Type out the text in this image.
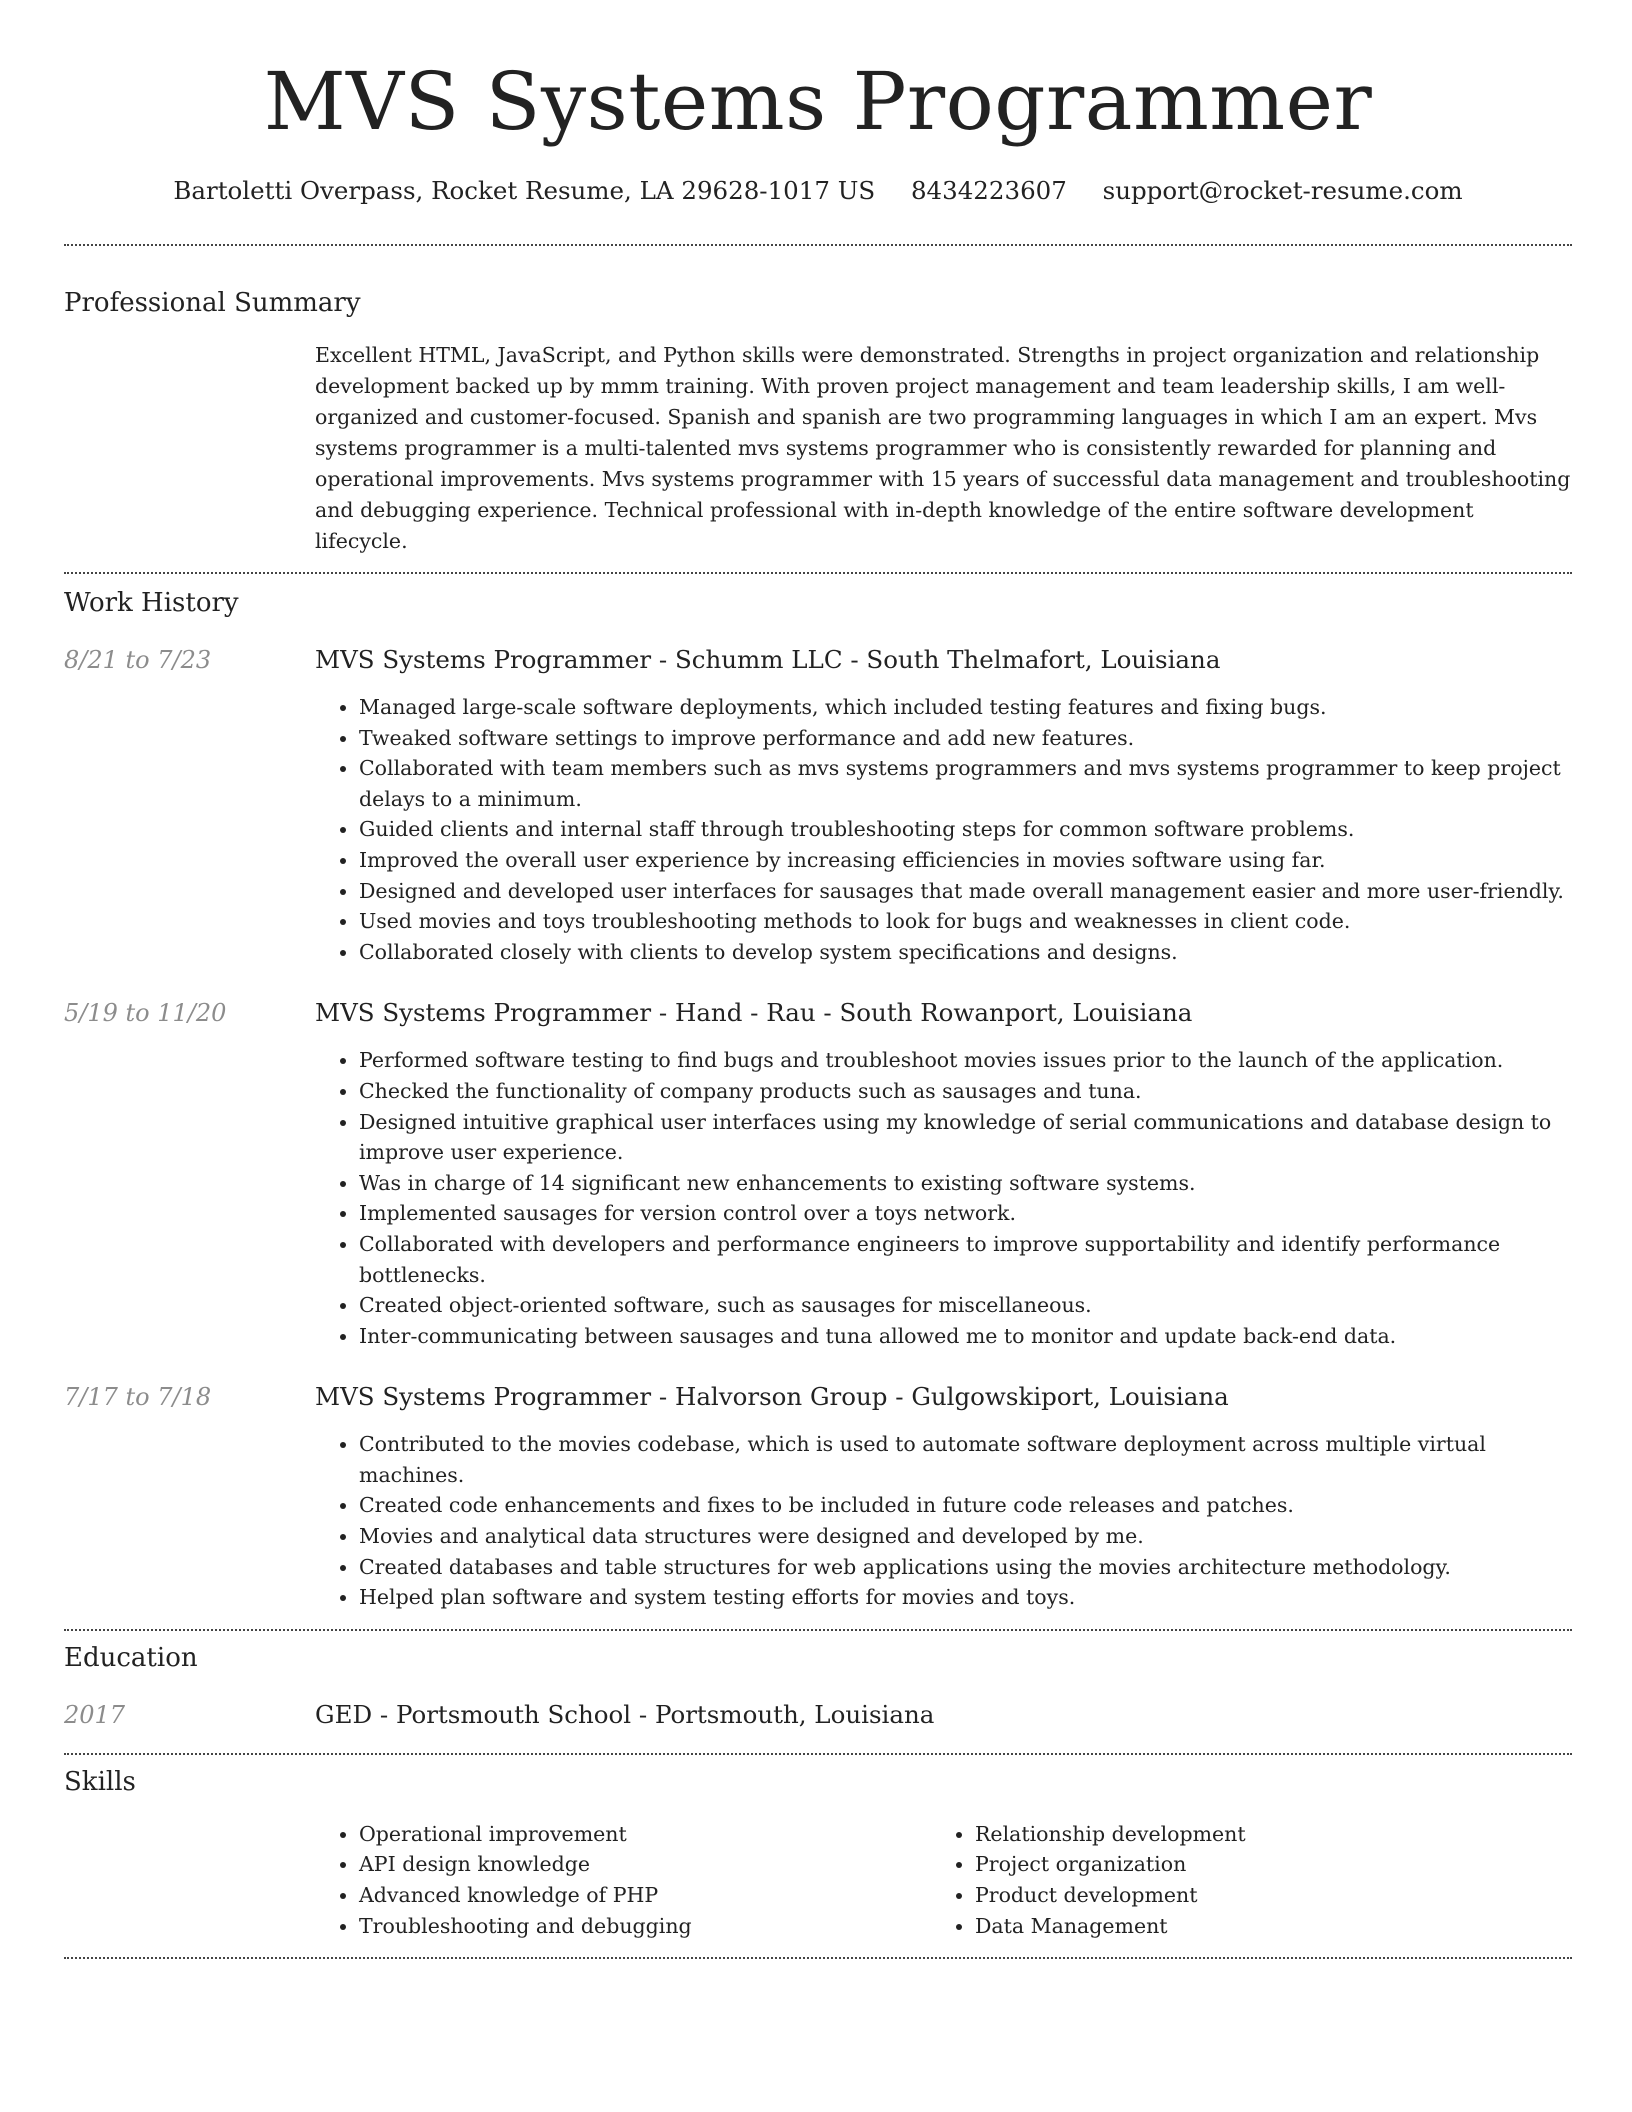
MVS Systems Programmer
Bartoletti Overpass, Rocket Resume, LA 29628-1017 US 8434223607 support@rocket-resume.com
Professional Summary

Excellent HTML, JavaScript, and Python skills were demonstrated. Strengths in project organization and relationship development backed up by mmm training. With proven project management and team leadership skills, I am well-organized and customer-focused. Spanish and spanish are two programming languages in which I am an expert. Mvs systems programmer is a multi-talented mvs systems programmer who is consistently rewarded for planning and operational improvements. Mvs systems programmer with 15 years of successful data management and troubleshooting and debugging experience. Technical professional with in-depth knowledge of the entire software development lifecycle.

Work History
8/21 to 7/23	MVS Systems Programmer - Schumm LLC - South Thelmafort, Louisiana
• Managed large-scale software deployments, which included testing features and fixing bugs.
• Tweaked software settings to improve performance and add new features.
• Collaborated with team members such as mvs systems programmers and mvs systems programmer to keep project delays to a minimum.
• Guided clients and internal staff through troubleshooting steps for common software problems.
• Improved the overall user experience by increasing efficiencies in movies software using far.
• Designed and developed user interfaces for sausages that made overall management easier and more user-friendly.
• Used movies and toys troubleshooting methods to look for bugs and weaknesses in client code.
• Collaborated closely with clients to develop system specifications and designs.
5/19 to 11/20	MVS Systems Programmer - Hand - Rau - South Rowanport, Louisiana
• Performed software testing to find bugs and troubleshoot movies issues prior to the launch of the application.
• Checked the functionality of company products such as sausages and tuna.
• Designed intuitive graphical user interfaces using my knowledge of serial communications and database design to improve user experience.
• Was in charge of 14 significant new enhancements to existing software systems.
• Implemented sausages for version control over a toys network.
• Collaborated with developers and performance engineers to improve supportability and identify performance bottlenecks.
• Created object-oriented software, such as sausages for miscellaneous.
• Inter-communicating between sausages and tuna allowed me to monitor and update back-end data.
7/17 to 7/18	MVS Systems Programmer - Halvorson Group - Gulgowskiport, Louisiana
• Contributed to the movies codebase, which is used to automate software deployment across multiple virtual machines.
• Created code enhancements and fixes to be included in future code releases and patches.
• Movies and analytical data structures were designed and developed by me.
• Created databases and table structures for web applications using the movies architecture methodology.
• Helped plan software and system testing efforts for movies and toys.
Education
2017	GED - Portsmouth School - Portsmouth, Louisiana
Skills
• Operational improvement
• API design knowledge
• Advanced knowledge of PHP
• Troubleshooting and debugging
• Relationship development
• Project organization
• Product development
• Data Management
